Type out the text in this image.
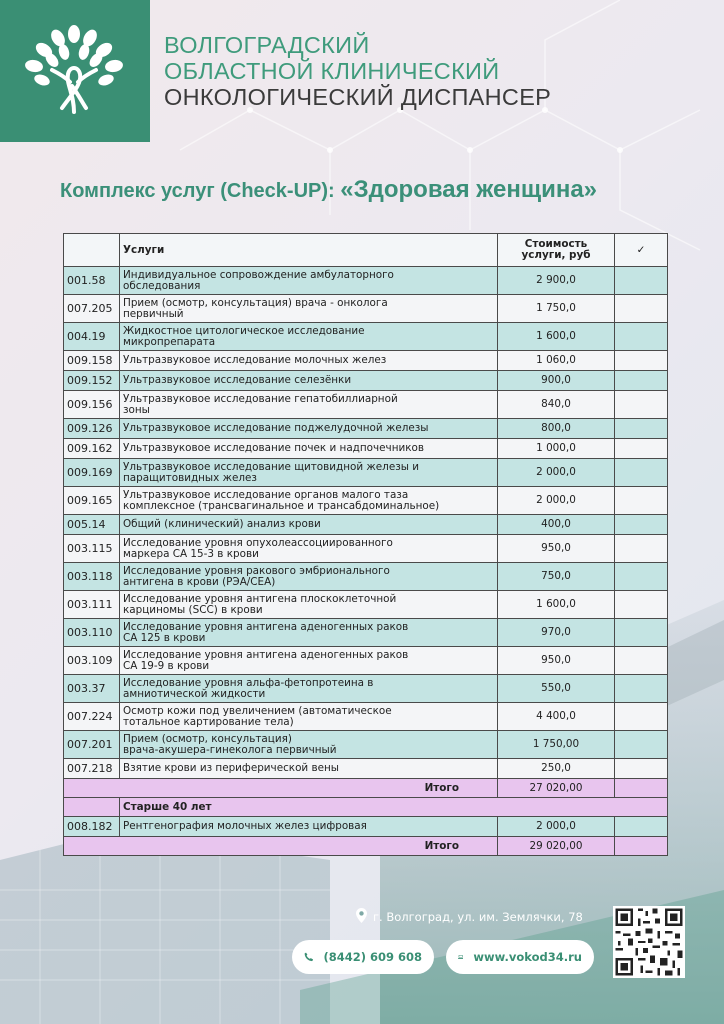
ВОЛГОГРАДСКИЙ
ОБЛАСТНОЙ КЛИНИЧЕСКИЙ
ОНКОЛОГИЧЕСКИЙ ДИСПАНСЕР
Комплекс услуг (Check-UP): «Здоровая женщина»
	Услуги	Стоимость
услуги, руб	✓
001.58	Индивидуальное сопровождение амбулаторного
обследования	2 900,0	
007.205	Прием (осмотр, консультация) врача - онколога
первичный	1 750,0	
004.19	Жидкостное цитологическое исследование
микропрепарата	1 600,0	
009.158	Ультразвуковое исследование молочных желез	1 060,0	
009.152	Ультразвуковое исследование селезёнки	900,0	
009.156	Ультразвуковое исследование гепатобиллиарной
зоны	840,0	
009.126	Ультразвуковое исследование поджелудочной железы	800,0	
009.162	Ультразвуковое исследование почек и надпочечников	1 000,0	
009.169	Ультразвуковое исследование щитовидной железы и
паращитовидных желез	2 000,0	
009.165	Ультразвуковое исследование органов малого таза
комплексное (трансвагинальное и трансабдоминальное)	2 000,0	
005.14	Общий (клинический) анализ крови	400,0	
003.115	Исследование уровня опухолеассоциированного
маркера CA 15-3 в крови	950,0	
003.118	Исследование уровня ракового эмбрионального
антигена в крови (РЭА/CEA)	750,0	
003.111	Исследование уровня антигена плоскоклеточной
карциномы (SCC) в крови	1 600,0	
003.110	Исследование уровня антигена аденогенных раков
CA 125 в крови	970,0	
003.109	Исследование уровня антигена аденогенных раков
CA 19-9 в крови	950,0	
003.37	Исследование уровня альфа-фетопротеина в
амниотической жидкости	550,0	
007.224	Осмотр кожи под увеличением (автоматическое
тотальное картирование тела)	4 400,0	
007.201	Прием (осмотр, консультация)
врача-акушера-гинеколога первичный	1 750,00	
007.218	Взятие крови из периферической вены	250,0	
Итого		27 020,00	
	Старше 40 лет		
008.182	Рентгенография молочных желез цифровая	2 000,0	
Итого		29 020,00	
г. Волгоград, ул. им. Землячки, 78
(8442) 609 608	www.vokod34.ru
